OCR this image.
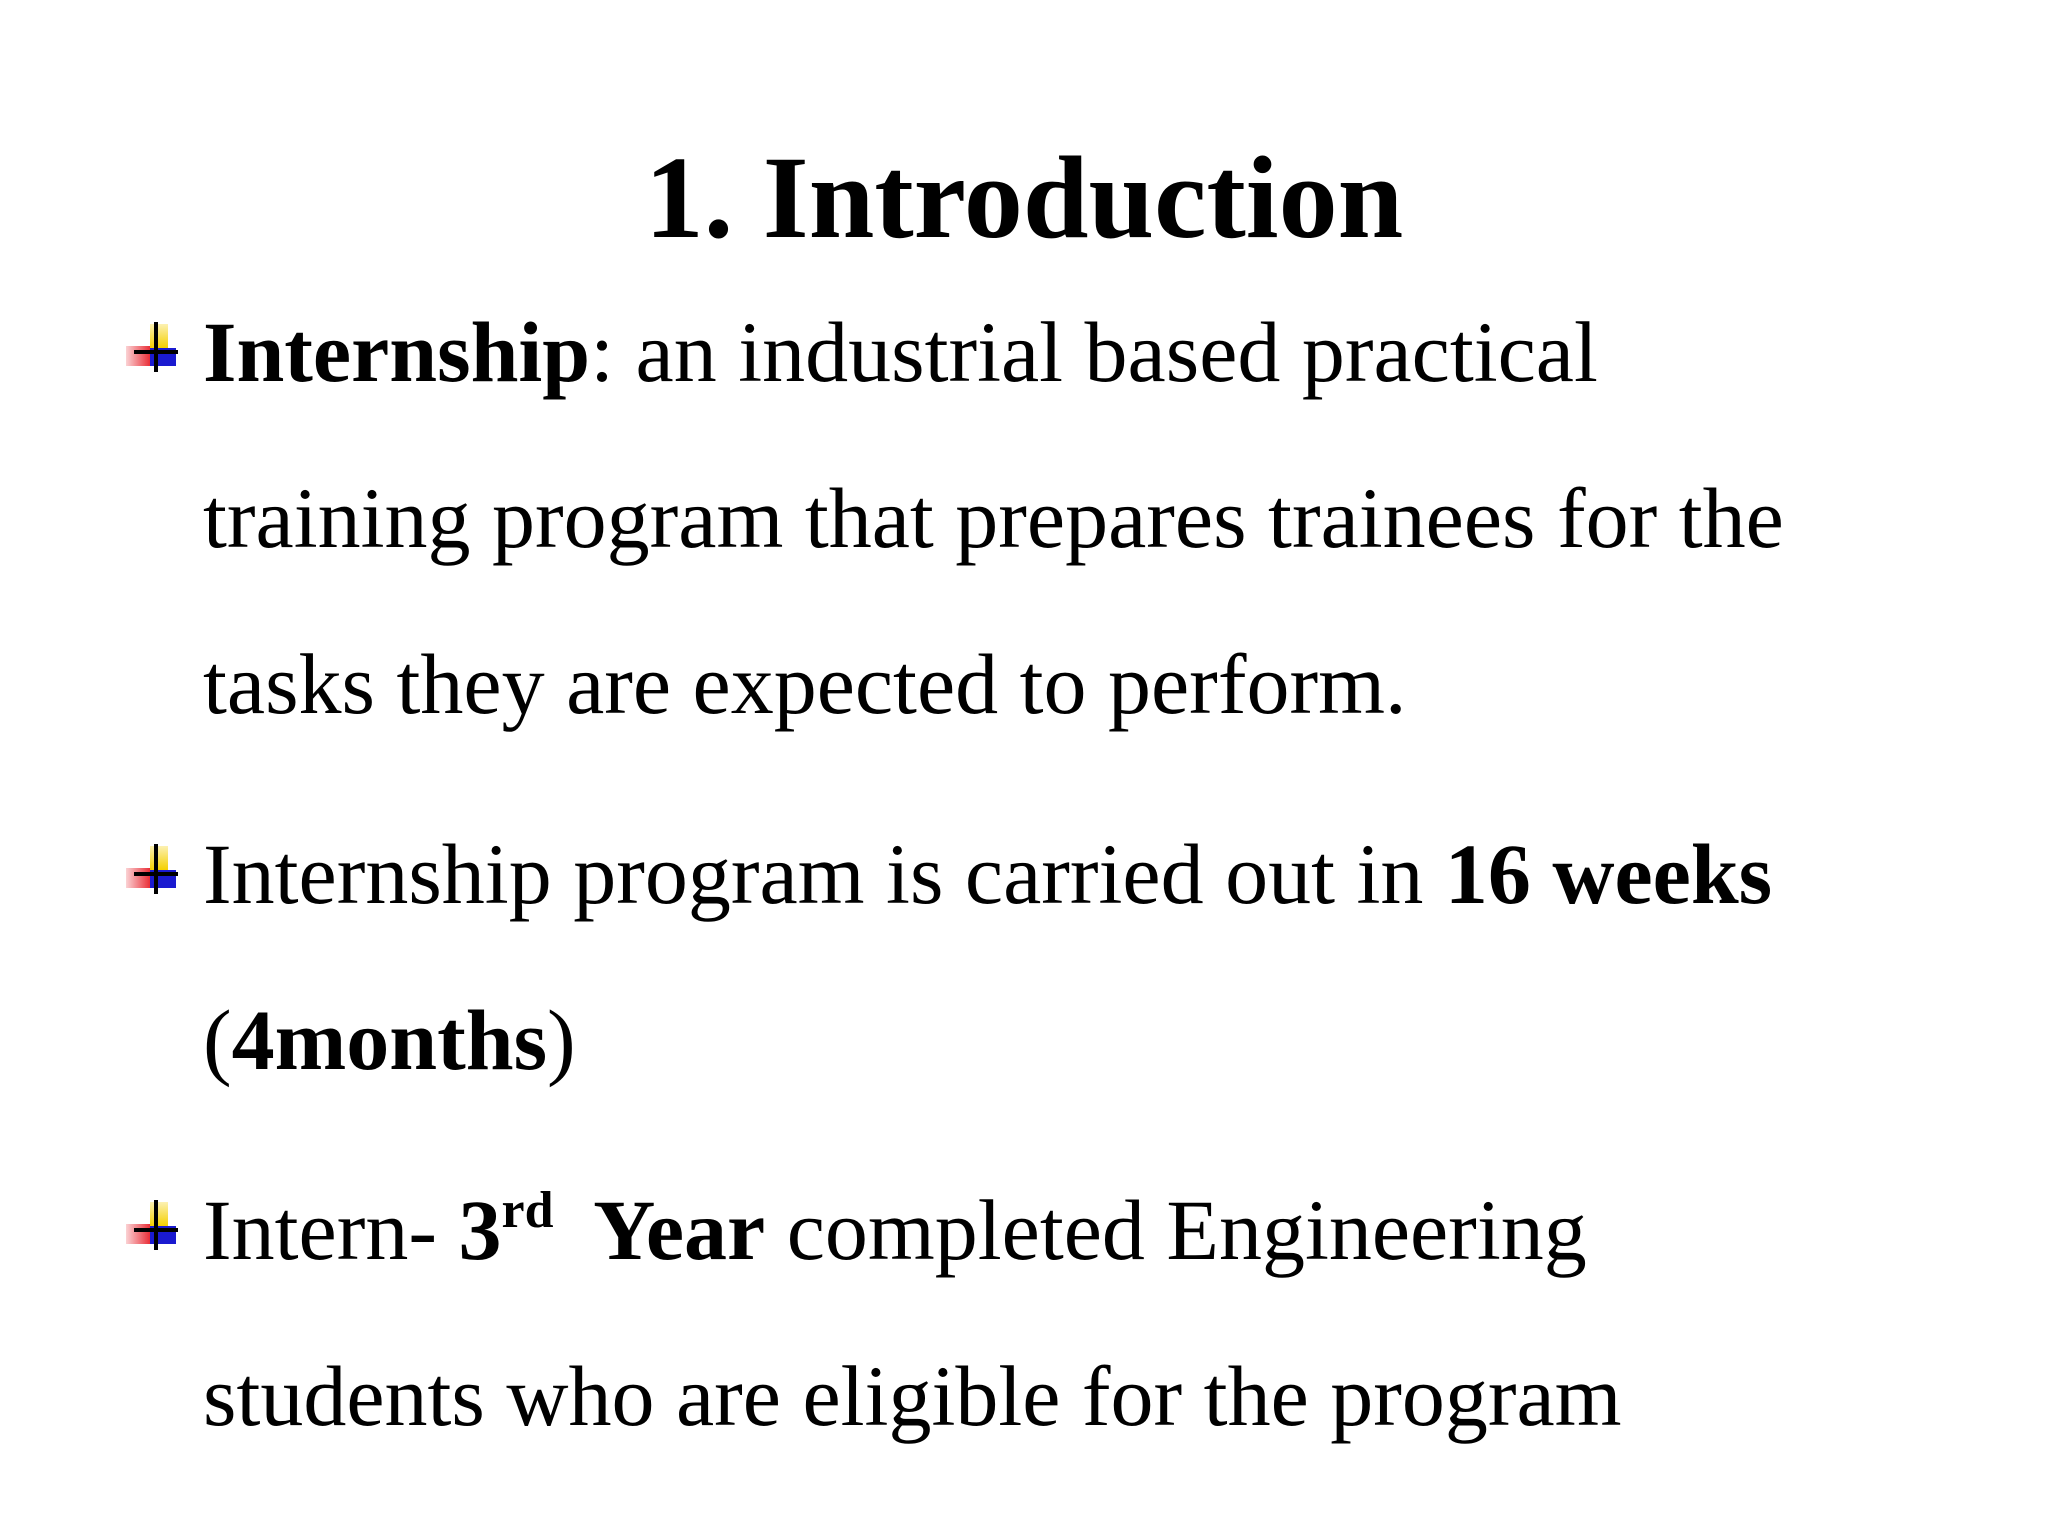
1. Introduction
Internship: an industrial based practical
training program that prepares trainees for the
tasks they are expected to perform.
Internship program is carried out in 16 weeks
(4months)
Intern- 3rd  Year completed Engineering
students who are eligible for the program
